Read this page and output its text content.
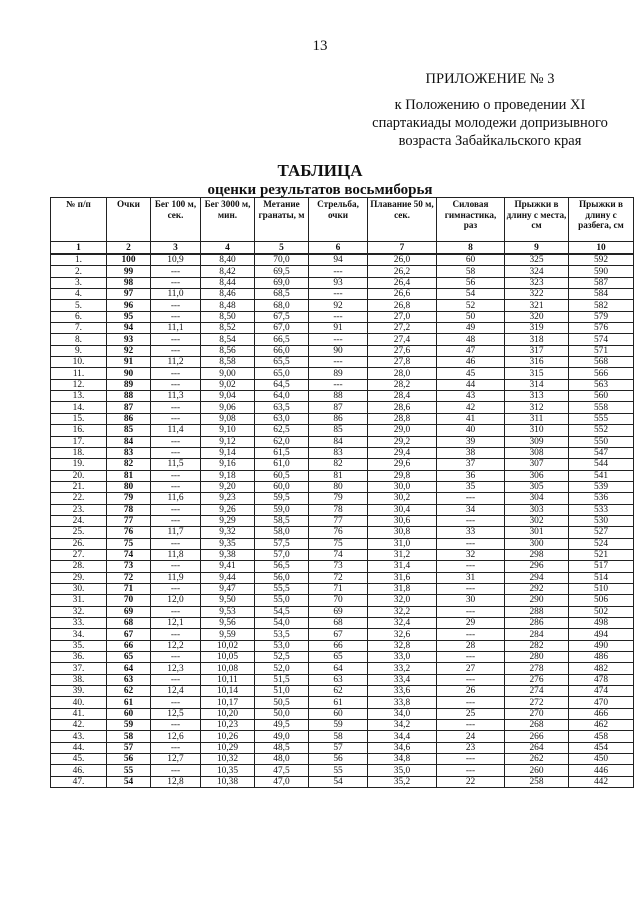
13
ПРИЛОЖЕНИЕ № 3
к Положению о проведении XI
спартакиады молодежи допризывного
возраста Забайкальского края
ТАБЛИЦА
оценки результатов восьмиборья
№ п/п	Очки	Бег 100 м, сек.	Бег 3000 м, мин.	Метание гранаты, м	Стрельба, очки	Плавание 50 м, сек.	Силовая гимнастика, раз	Прыжки в длину с места, см	Прыжки в длину с разбега, см
1	2	3	4	5	6	7	8	9	10
1.	100	10,9	8,40	70,0	94	26,0	60	325	592
2.	99	---	8,42	69,5	---	26,2	58	324	590
3.	98	---	8,44	69,0	93	26,4	56	323	587
4.	97	11,0	8,46	68,5	---	26,6	54	322	584
5.	96	---	8,48	68,0	92	26,8	52	321	582
6.	95	---	8,50	67,5	---	27,0	50	320	579
7.	94	11,1	8,52	67,0	91	27,2	49	319	576
8.	93	---	8,54	66,5	---	27,4	48	318	574
9.	92	---	8,56	66,0	90	27,6	47	317	571
10.	91	11,2	8,58	65,5	---	27,8	46	316	568
11.	90	---	9,00	65,0	89	28,0	45	315	566
12.	89	---	9,02	64,5	---	28,2	44	314	563
13.	88	11,3	9,04	64,0	88	28,4	43	313	560
14.	87	---	9,06	63,5	87	28,6	42	312	558
15.	86	---	9,08	63,0	86	28,8	41	311	555
16.	85	11,4	9,10	62,5	85	29,0	40	310	552
17.	84	---	9,12	62,0	84	29,2	39	309	550
18.	83	---	9,14	61,5	83	29,4	38	308	547
19.	82	11,5	9,16	61,0	82	29,6	37	307	544
20.	81	---	9,18	60,5	81	29,8	36	306	541
21.	80	---	9,20	60,0	80	30,0	35	305	539
22.	79	11,6	9,23	59,5	79	30,2	---	304	536
23.	78	---	9,26	59,0	78	30,4	34	303	533
24.	77	---	9,29	58,5	77	30,6	---	302	530
25.	76	11,7	9,32	58,0	76	30,8	33	301	527
26.	75	---	9,35	57,5	75	31,0	---	300	524
27.	74	11,8	9,38	57,0	74	31,2	32	298	521
28.	73	---	9,41	56,5	73	31,4	---	296	517
29.	72	11,9	9,44	56,0	72	31,6	31	294	514
30.	71	---	9,47	55,5	71	31,8	---	292	510
31.	70	12,0	9,50	55,0	70	32,0	30	290	506
32.	69	---	9,53	54,5	69	32,2	---	288	502
33.	68	12,1	9,56	54,0	68	32,4	29	286	498
34.	67	---	9,59	53,5	67	32,6	---	284	494
35.	66	12,2	10,02	53,0	66	32,8	28	282	490
36.	65	---	10,05	52,5	65	33,0	---	280	486
37.	64	12,3	10,08	52,0	64	33,2	27	278	482
38.	63	---	10,11	51,5	63	33,4	---	276	478
39.	62	12,4	10,14	51,0	62	33,6	26	274	474
40.	61	---	10,17	50,5	61	33,8	---	272	470
41.	60	12,5	10,20	50,0	60	34,0	25	270	466
42.	59	---	10,23	49,5	59	34,2	---	268	462
43.	58	12,6	10,26	49,0	58	34,4	24	266	458
44.	57	---	10,29	48,5	57	34,6	23	264	454
45.	56	12,7	10,32	48,0	56	34,8	---	262	450
46.	55	---	10,35	47,5	55	35,0	---	260	446
47.	54	12,8	10,38	47,0	54	35,2	22	258	442
